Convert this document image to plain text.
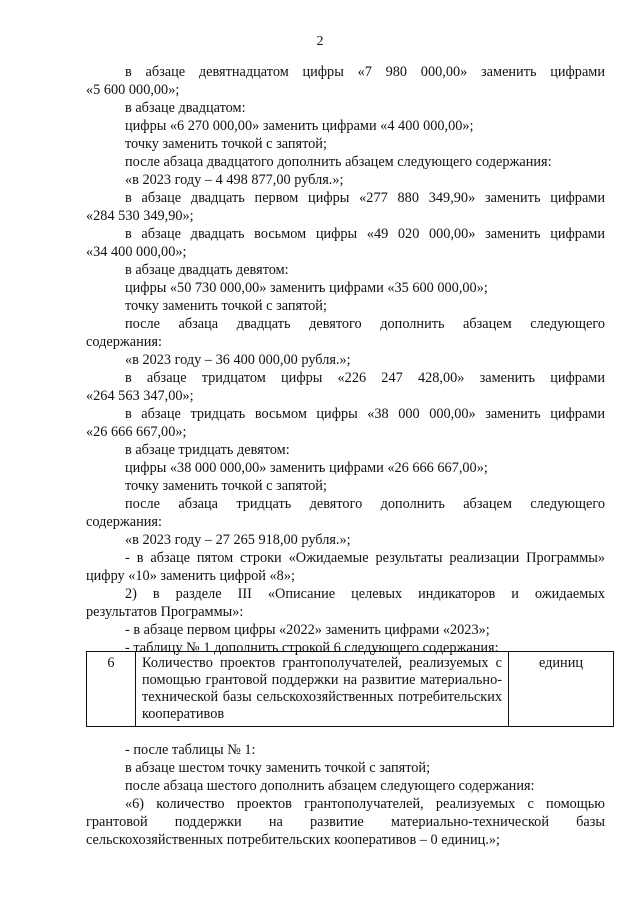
2
в абзаце девятнадцатом цифры «7 980 000,00» заменить цифрами
«5 600 000,00»;
в абзаце двадцатом:
цифры «6 270 000,00» заменить цифрами «4 400 000,00»;
точку заменить точкой с запятой;
после абзаца двадцатого дополнить абзацем следующего содержания:
«в 2023 году – 4 498 877,00 рубля.»;
в абзаце двадцать первом цифры «277 880 349,90» заменить цифрами
«284 530 349,90»;
в абзаце двадцать восьмом цифры «49 020 000,00» заменить цифрами
«34 400 000,00»;
в абзаце двадцать девятом:
цифры «50 730 000,00» заменить цифрами «35 600 000,00»;
точку заменить точкой с запятой;
после абзаца двадцать девятого дополнить абзацем следующего
содержания:
«в 2023 году – 36 400 000,00 рубля.»;
в абзаце тридцатом цифры «226 247 428,00» заменить цифрами
«264 563 347,00»;
в абзаце тридцать восьмом цифры «38 000 000,00» заменить цифрами
«26 666 667,00»;
в абзаце тридцать девятом:
цифры «38 000 000,00» заменить цифрами «26 666 667,00»;
точку заменить точкой с запятой;
после абзаца тридцать девятого дополнить абзацем следующего
содержания:
«в 2023 году – 27 265 918,00 рубля.»;
- в абзаце пятом строки «Ожидаемые результаты реализации Программы»
цифру «10» заменить цифрой «8»;
2) в разделе III «Описание целевых индикаторов и ожидаемых
результатов Программы»:
- в абзаце первом цифры «2022» заменить цифрами «2023»;
- таблицу № 1 дополнить строкой 6 следующего содержания:
6	Количество проектов грантополучателей, реализуемых с помощью грантовой поддержки на развитие материально-технической базы сельскохозяйственных потребительских кооперативов	единиц
- после таблицы № 1:
в абзаце шестом точку заменить точкой с запятой;
после абзаца шестого дополнить абзацем следующего содержания:
«6) количество проектов грантополучателей, реализуемых с помощью
грантовой поддержки на развитие материально-технической базы
сельскохозяйственных потребительских кооперативов – 0 единиц.»;
